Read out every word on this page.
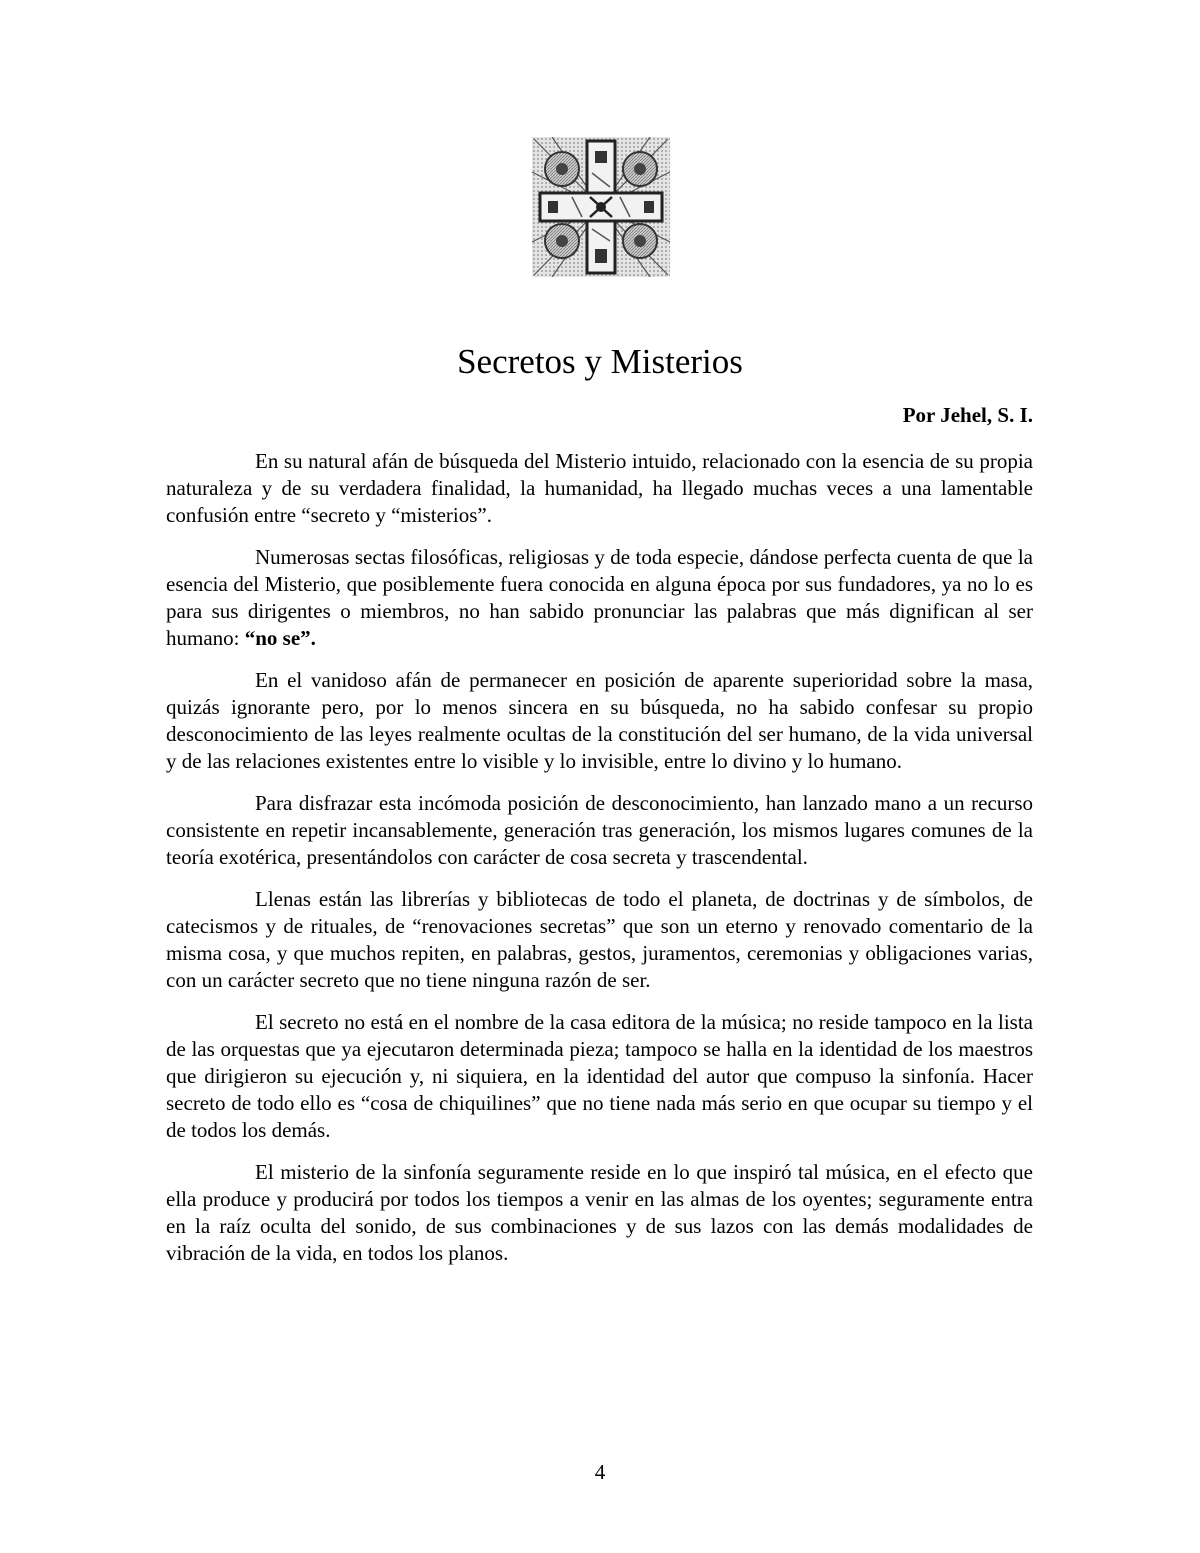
Secretos y Misterios

Por Jehel, S. I.

En su natural afán de búsqueda del Misterio intuido, relacionado con la esencia de su propia naturaleza y de su verdadera finalidad, la humanidad, ha llegado muchas veces a una lamentable confusión entre “secreto y “misterios”.

Numerosas sectas filosóficas, religiosas y de toda especie, dándose perfecta cuenta de que la esencia del Misterio, que posiblemente fuera conocida en alguna época por sus fundadores, ya no lo es para sus dirigentes o miembros, no han sabido pronunciar las palabras que más dignifican al ser humano: “no se”.

En el vanidoso afán de permanecer en posición de aparente superioridad sobre la masa, quizás ignorante pero, por lo menos sincera en su búsqueda, no ha sabido confesar su propio desconocimiento de las leyes realmente ocultas de la constitución del ser humano, de la vida universal y de las relaciones existentes entre lo visible y lo invisible, entre lo divino y lo humano.

Para disfrazar esta incómoda posición de desconocimiento, han lanzado mano a un recurso consistente en repetir incansablemente, generación tras generación, los mismos lugares comunes de la teoría exotérica, presentándolos con carácter de cosa secreta y trascendental.

Llenas están las librerías y bibliotecas de todo el planeta, de doctrinas y de símbolos, de catecismos y de rituales, de “renovaciones secretas” que son un eterno y renovado comentario de la misma cosa, y que muchos repiten, en palabras, gestos, juramentos, ceremonias y obligaciones varias, con un carácter secreto que no tiene ninguna razón de ser.

El secreto no está en el nombre de la casa editora de la música; no reside tampoco en la lista de las orquestas que ya ejecutaron determinada pieza; tampoco se halla en la identidad de los maestros que dirigieron su ejecución y, ni siquiera, en la identidad del autor que compuso la sinfonía. Hacer secreto de todo ello es “cosa de chiquilines” que no tiene nada más serio en que ocupar su tiempo y el de todos los demás.

El misterio de la sinfonía seguramente reside en lo que inspiró tal música, en el efecto que ella produce y producirá por todos los tiempos a venir en las almas de los oyentes; seguramente entra en la raíz oculta del sonido, de sus combinaciones y de sus lazos con las demás modalidades de vibración de la vida, en todos los planos.

4
